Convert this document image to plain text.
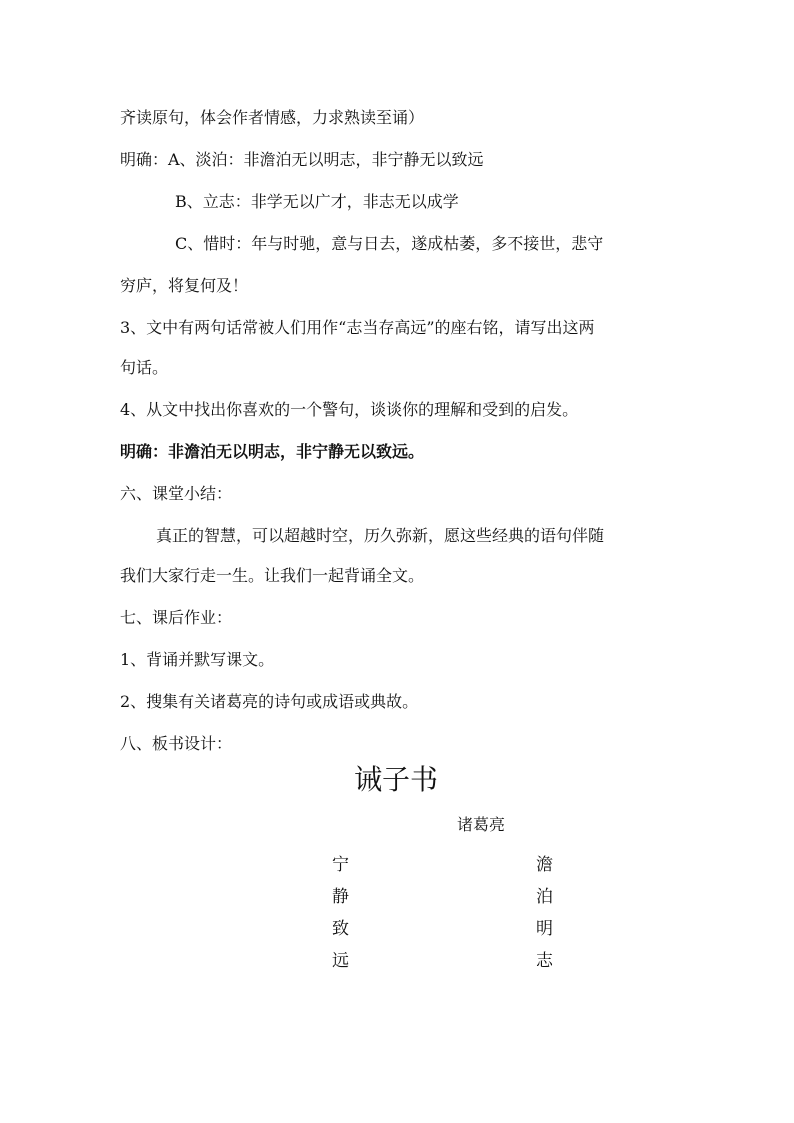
齐读原句，体会作者情感，力求熟读至诵）
明确：A、淡泊：非澹泊无以明志，非宁静无以致远
B、立志：非学无以广才，非志无以成学
C、惜时：年与时驰，意与日去，遂成枯萎，多不接世，悲守
穷庐，将复何及！
3、文中有两句话常被人们用作“志当存高远”的座右铭，请写出这两
句话。
4、从文中找出你喜欢的一个警句，谈谈你的理解和受到的启发。
明确：非澹泊无以明志，非宁静无以致远。
六、课堂小结：
真正的智慧，可以超越时空，历久弥新，愿这些经典的语句伴随
我们大家行走一生。让我们一起背诵全文。
七、课后作业：
1、背诵并默写课文。
2、搜集有关诸葛亮的诗句或成语或典故。
八、板书设计：
诫子书
诸葛亮
宁
静
致
远
澹
泊
明
志
